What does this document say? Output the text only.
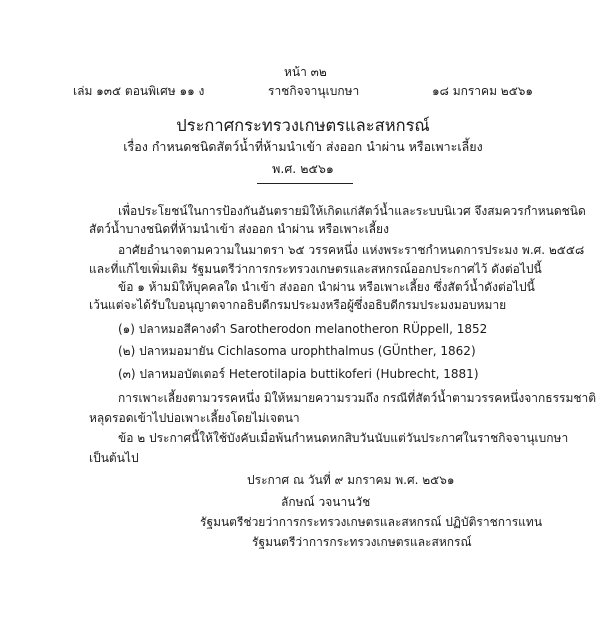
หน้า ๓๒
เล่ม ๑๓๕ ตอนพิเศษ ๑๑ ง	ราชกิจจานุเบกษา	๑๘ มกราคม ๒๕๖๑
ประกาศกระทรวงเกษตรและสหกรณ์
เรื่อง กำหนดชนิดสัตว์น้ำที่ห้ามนำเข้า ส่งออก นำผ่าน หรือเพาะเลี้ยง
พ.ศ. ๒๕๖๑
เพื่อประโยชน์ในการป้องกันอันตรายมิให้เกิดแก่สัตว์น้ำและระบบนิเวศ จึงสมควรกำหนดชนิด
สัตว์น้ำบางชนิดที่ห้ามนำเข้า ส่งออก นำผ่าน หรือเพาะเลี้ยง
อาศัยอำนาจตามความในมาตรา ๖๕ วรรคหนึ่ง แห่งพระราชกำหนดการประมง พ.ศ. ๒๕๕๘
และที่แก้ไขเพิ่มเติม รัฐมนตรีว่าการกระทรวงเกษตรและสหกรณ์ออกประกาศไว้ ดังต่อไปนี้
ข้อ ๑ ห้ามมิให้บุคคลใด นำเข้า ส่งออก นำผ่าน หรือเพาะเลี้ยง ซึ่งสัตว์น้ำดังต่อไปนี้
เว้นแต่จะได้รับใบอนุญาตจากอธิบดีกรมประมงหรือผู้ซึ่งอธิบดีกรมประมงมอบหมาย
(๑) ปลาหมอสีคางดำ Sarotherodon melanotheron RÜppell, 1852
(๒) ปลาหมอมายัน Cichlasoma urophthalmus (GÜnther, 1862)
(๓) ปลาหมอบัตเตอร์ Heterotilapia buttikoferi (Hubrecht, 1881)
การเพาะเลี้ยงตามวรรคหนึ่ง มิให้หมายความรวมถึง กรณีที่สัตว์น้ำตามวรรคหนึ่งจากธรรมชาติ
หลุดรอดเข้าไปบ่อเพาะเลี้ยงโดยไม่เจตนา
ข้อ ๒ ประกาศนี้ให้ใช้บังคับเมื่อพ้นกำหนดหกสิบวันนับแต่วันประกาศในราชกิจจานุเบกษา
เป็นต้นไป
ประกาศ ณ วันที่ ๙ มกราคม พ.ศ. ๒๕๖๑
ลักษณ์ วจนานวัช
รัฐมนตรีช่วยว่าการกระทรวงเกษตรและสหกรณ์ ปฏิบัติราชการแทน
รัฐมนตรีว่าการกระทรวงเกษตรและสหกรณ์
